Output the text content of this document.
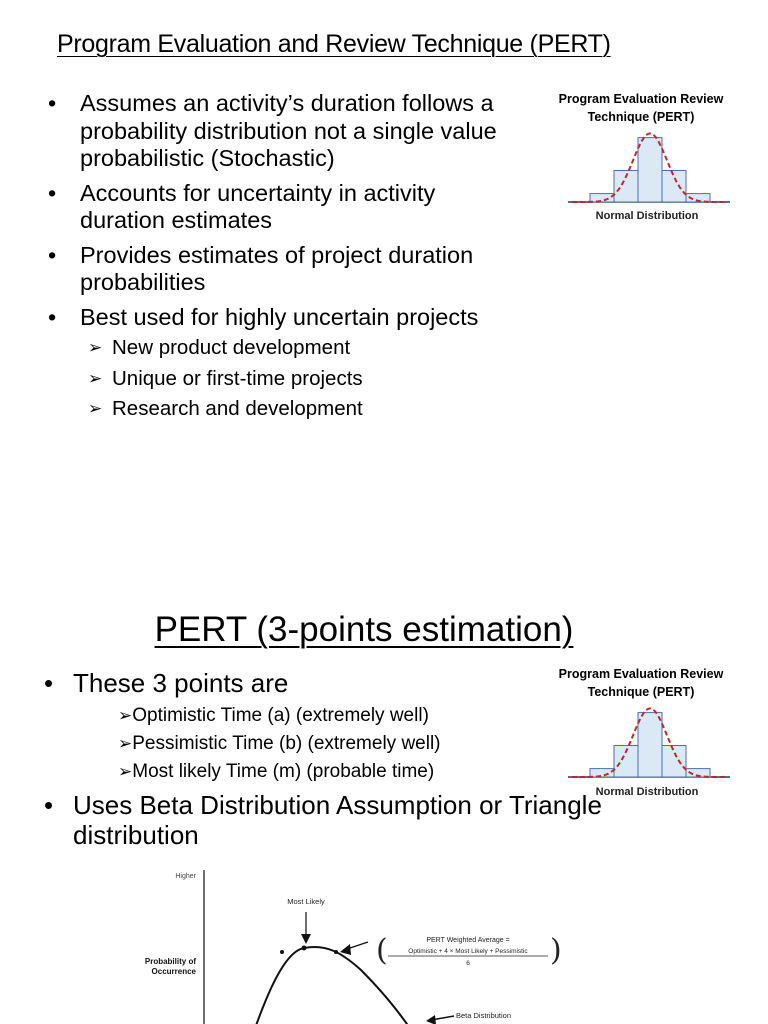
Program Evaluation and Review Technique (PERT)
• Assumes an activity’s duration follows a probability distribution not a single value probabilistic (Stochastic)
• Accounts for uncertainty in activity duration estimates
• Provides estimates of project duration probabilities
• Best used for highly uncertain projects
➢ New product development
➢ Unique or first-time projects
➢ Research and development
Program Evaluation Review
Technique (PERT)
Normal Distribution
PERT (3-points estimation)
• These 3 points are
➢Optimistic Time (a) (extremely well)
➢Pessimistic Time (b) (extremely well)
➢Most likely Time (m) (probable time)
Program Evaluation Review
Technique (PERT)
Normal Distribution
• Uses Beta Distribution Assumption or Triangle
distribution
Higher
Probability of
Occurrence
Most Likely
(	)
PERT Weighted Average =
Optimistic + 4 × Most Likely + Pessimistic
6
Beta Distribution
